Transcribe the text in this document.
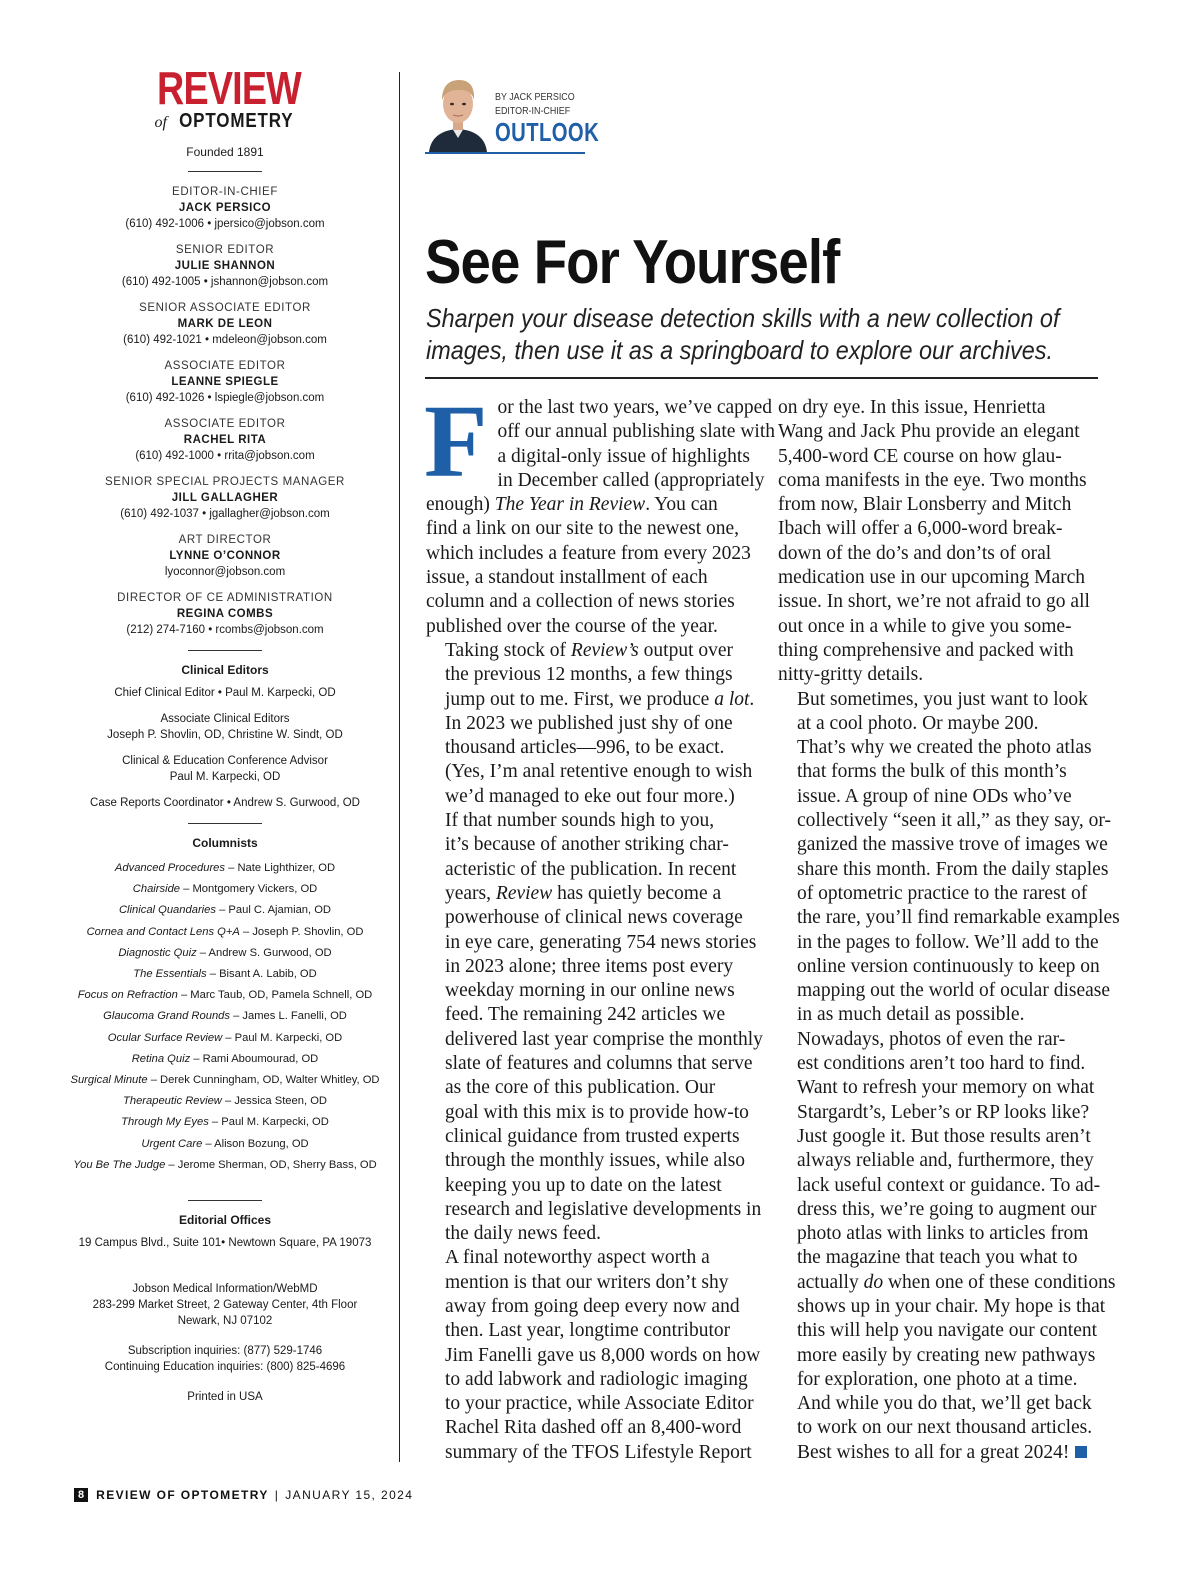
REVIEW
of OPTOMETRY
Founded 1891
EDITOR-IN-CHIEF
JACK PERSICO
(610) 492-1006 • jpersico@jobson.com
SENIOR EDITOR
JULIE SHANNON
(610) 492-1005 • jshannon@jobson.com
SENIOR ASSOCIATE EDITOR
MARK DE LEON
(610) 492-1021 • mdeleon@jobson.com
ASSOCIATE EDITOR
LEANNE SPIEGLE
(610) 492-1026 • lspiegle@jobson.com
ASSOCIATE EDITOR
RACHEL RITA
(610) 492-1000 • rrita@jobson.com
SENIOR SPECIAL PROJECTS MANAGER
JILL GALLAGHER
(610) 492-1037 • jgallagher@jobson.com
ART DIRECTOR
LYNNE O’CONNOR
lyoconnor@jobson.com
DIRECTOR OF CE ADMINISTRATION
REGINA COMBS
(212) 274-7160 • rcombs@jobson.com
Clinical Editors
Chief Clinical Editor • Paul M. Karpecki, OD
Associate Clinical Editors
Joseph P. Shovlin, OD, Christine W. Sindt, OD
Clinical & Education Conference Advisor
Paul M. Karpecki, OD
Case Reports Coordinator • Andrew S. Gurwood, OD
Columnists
Advanced Procedures – Nate Lighthizer, OD
Chairside – Montgomery Vickers, OD
Clinical Quandaries – Paul C. Ajamian, OD
Cornea and Contact Lens Q+A – Joseph P. Shovlin, OD
Diagnostic Quiz – Andrew S. Gurwood, OD
The Essentials – Bisant A. Labib, OD
Focus on Refraction – Marc Taub, OD, Pamela Schnell, OD
Glaucoma Grand Rounds – James L. Fanelli, OD
Ocular Surface Review – Paul M. Karpecki, OD
Retina Quiz – Rami Aboumourad, OD
Surgical Minute – Derek Cunningham, OD, Walter Whitley, OD
Therapeutic Review – Jessica Steen, OD
Through My Eyes – Paul M. Karpecki, OD
Urgent Care – Alison Bozung, OD
You Be The Judge – Jerome Sherman, OD, Sherry Bass, OD
Editorial Offices
19 Campus Blvd., Suite 101• Newtown Square, PA 19073
Jobson Medical Information/WebMD
283-299 Market Street, 2 Gateway Center, 4th Floor
Newark, NJ 07102
Subscription inquiries: (877) 529-1746
Continuing Education inquiries: (800) 825-4696
Printed in USA
BY JACK PERSICO
EDITOR-IN-CHIEF
OUTLOOK
See For Yourself
Sharpen your disease detection skills with a new collection of
images, then use it as a springboard to explore our archives.
F or the last two years, we’ve capped
off our annual publishing slate with
a digital-only issue of highlights
in December called (appropriately
enough) The Year in Review. You can
find a link on our site to the newest one,
which includes a feature from every 2023
issue, a standout installment of each
column and a collection of news stories
published over the course of the year.

Taking stock of Review’s output over
the previous 12 months, a few things
jump out to me. First, we produce a lot.
In 2023 we published just shy of one
thousand articles—996, to be exact.
(Yes, I’m anal retentive enough to wish
we’d managed to eke out four more.)

If that number sounds high to you,
it’s because of another striking char-
acteristic of the publication. In recent
years, Review has quietly become a
powerhouse of clinical news coverage
in eye care, generating 754 news stories
in 2023 alone; three items post every
weekday morning in our online news
feed. The remaining 242 articles we
delivered last year comprise the monthly
slate of features and columns that serve
as the core of this publication. Our
goal with this mix is to provide how-to
clinical guidance from trusted experts
through the monthly issues, while also
keeping you up to date on the latest
research and legislative developments in
the daily news feed.

A final noteworthy aspect worth a
mention is that our writers don’t shy
away from going deep every now and
then. Last year, longtime contributor
Jim Fanelli gave us 8,000 words on how
to add labwork and radiologic imaging
to your practice, while Associate Editor
Rachel Rita dashed off an 8,400-word
summary of the TFOS Lifestyle Report

on dry eye. In this issue, Henrietta
Wang and Jack Phu provide an elegant
5,400-word CE course on how glau-
coma manifests in the eye. Two months
from now, Blair Lonsberry and Mitch
Ibach will offer a 6,000-word break-
down of the do’s and don’ts of oral
medication use in our upcoming March
issue. In short, we’re not afraid to go all
out once in a while to give you some-
thing comprehensive and packed with
nitty-gritty details.

But sometimes, you just want to look
at a cool photo. Or maybe 200.

That’s why we created the photo atlas
that forms the bulk of this month’s
issue. A group of nine ODs who’ve
collectively “seen it all,” as they say, or-
ganized the massive trove of images we
share this month. From the daily staples
of optometric practice to the rarest of
the rare, you’ll find remarkable examples
in the pages to follow. We’ll add to the
online version continuously to keep on
mapping out the world of ocular disease
in as much detail as possible.

Nowadays, photos of even the rar-
est conditions aren’t too hard to find.
Want to refresh your memory on what
Stargardt’s, Leber’s or RP looks like?
Just google it. But those results aren’t
always reliable and, furthermore, they
lack useful context or guidance. To ad-
dress this, we’re going to augment our
photo atlas with links to articles from
the magazine that teach you what to
actually do when one of these conditions
shows up in your chair. My hope is that
this will help you navigate our content
more easily by creating new pathways
for exploration, one photo at a time.

And while you do that, we’ll get back
to work on our next thousand articles.
Best wishes to all for a great 2024!

8	REVIEW OF OPTOMETRY | JANUARY 15, 2024
